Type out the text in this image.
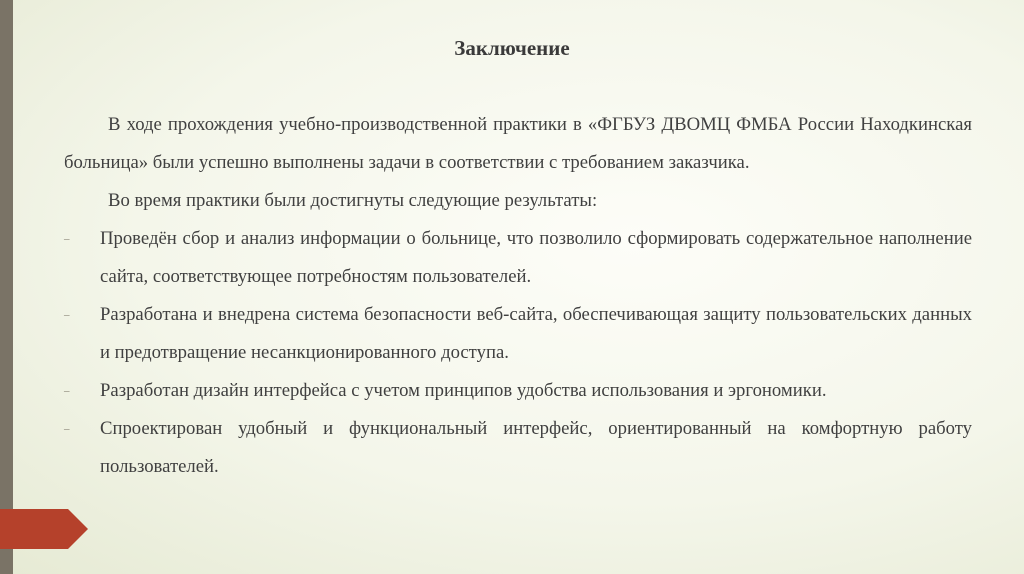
Заключение

В ходе прохождения учебно-производственной практики в «ФГБУЗ ДВОМЦ ФМБА России Находкинская больница» были успешно выполнены задачи в соответствии с требованием заказчика.

Во время практики были достигнуты следующие результаты:

–	Проведён сбор и анализ информации о больнице, что позволило сформировать содержательное наполнение сайта, соответствующее потребностям пользователей.

–	Разработана и внедрена система безопасности веб-сайта, обеспечивающая защиту пользовательских данных и предотвращение несанкционированного доступа.

–	Разработан дизайн интерфейса с учетом принципов удобства использования и эргономики.

–	Спроектирован удобный и функциональный интерфейс, ориентированный на комфортную работу пользователей.
